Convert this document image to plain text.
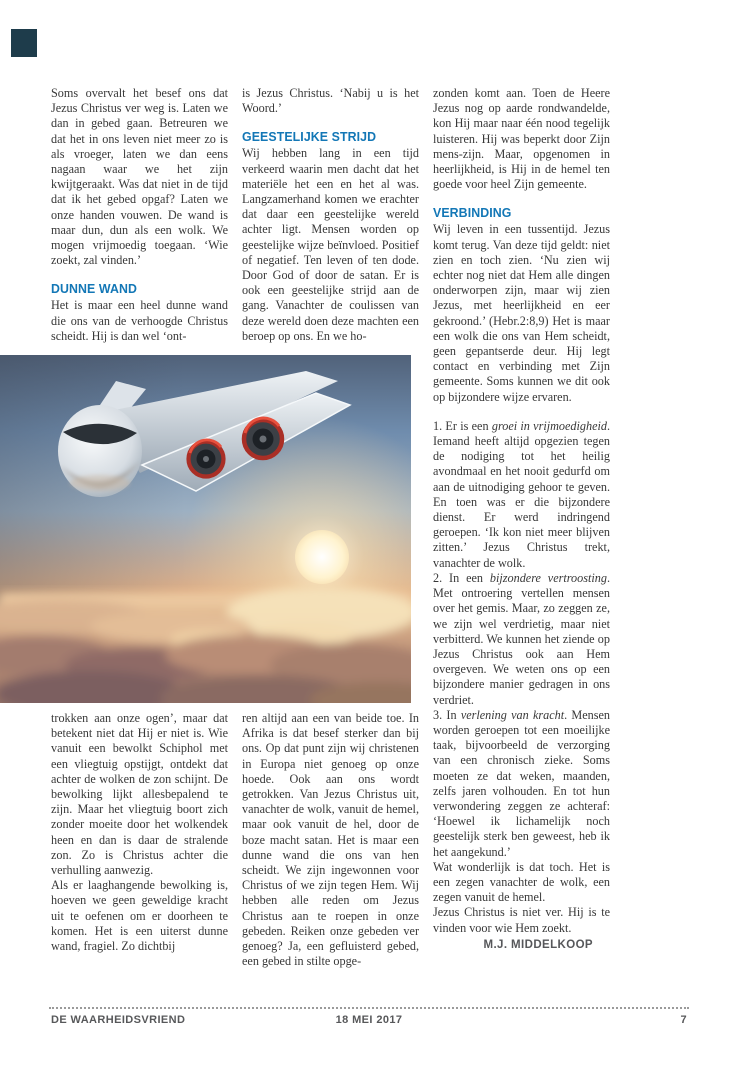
Soms overvalt het besef ons dat Jezus Christus ver weg is. Laten we dan in gebed gaan. Betreuren we dat het in ons leven niet meer zo is als vroeger, laten we dan eens nagaan waar we het zijn kwijtgeraakt. Was dat niet in de tijd dat ik het gebed opgaf? Laten we onze handen vouwen. De wand is maar dun, dun als een wolk. We mogen vrijmoedig toegaan. ‘Wie zoekt, zal vinden.’

DUNNE WAND

Het is maar een heel dunne wand die ons van de verhoogde Christus scheidt. Hij is dan wel ‘ont-

is Jezus Christus. ‘Nabij u is het Woord.’

GEESTELIJKE STRIJD

Wij hebben lang in een tijd verkeerd waarin men dacht dat het materiële het een en het al was. Langzamerhand komen we erachter dat daar een geestelijke wereld achter ligt. Mensen worden op geestelijke wijze beïnvloed. Positief of negatief. Ten leven of ten dode. Door God of door de satan. Er is ook een geestelijke strijd aan de gang. Vanachter de coulissen van deze wereld doen deze machten een beroep op ons. En we ho-

zonden komt aan. Toen de Heere Jezus nog op aarde rondwandelde, kon Hij maar naar één nood tegelijk luisteren. Hij was beperkt door Zijn mens-zijn. Maar, opgenomen in heerlijkheid, is Hij in de hemel ten goede voor heel Zijn gemeente.

VERBINDING

Wij leven in een tussentijd. Jezus komt terug. Van deze tijd geldt: niet zien en toch zien. ‘Nu zien wij echter nog niet dat Hem alle dingen onderworpen zijn, maar wij zien Jezus, met heerlijkheid en eer gekroond.’ (Hebr.2:8,9) Het is maar een wolk die ons van Hem scheidt, geen gepantserde deur. Hij legt contact en verbinding met Zijn gemeente. Soms kunnen we dit ook op bijzondere wijze ervaren.

1. Er is een groei in vrijmoedigheid. Iemand heeft altijd opgezien tegen de nodiging tot het heilig avondmaal en het nooit gedurfd om aan de uitnodiging gehoor te geven. En toen was er die bijzondere dienst. Er werd indringend geroepen. ‘Ik kon niet meer blijven zitten.’ Jezus Christus trekt, vanachter de wolk.

2. In een bijzondere vertroosting. Met ontroering vertellen mensen over het gemis. Maar, zo zeggen ze, we zijn wel verdrietig, maar niet verbitterd. We kunnen het ziende op Jezus Christus ook aan Hem overgeven. We weten ons op een bijzondere manier gedragen in ons verdriet.

3. In verlening van kracht. Mensen worden geroepen tot een moeilijke taak, bijvoorbeeld de verzorging van een chronisch zieke. Soms moeten ze dat weken, maanden, zelfs jaren volhouden. En tot hun verwondering zeggen ze achteraf: ‘Hoewel ik lichamelijk noch geestelijk sterk ben geweest, heb ik het aangekund.’

Wat wonderlijk is dat toch. Het is een zegen vanachter de wolk, een zegen vanuit de hemel.

Jezus Christus is niet ver. Hij is te vinden voor wie Hem zoekt.

M.J. MIDDELKOOP

trokken aan onze ogen’, maar dat betekent niet dat Hij er niet is. Wie vanuit een bewolkt Schiphol met een vliegtuig opstijgt, ontdekt dat achter de wolken de zon schijnt. De bewolking lijkt allesbepalend te zijn. Maar het vliegtuig boort zich zonder moeite door het wolkendek heen en dan is daar de stralende zon. Zo is Christus achter die verhulling aanwezig.

Als er laaghangende bewolking is, hoeven we geen geweldige kracht uit te oefenen om er doorheen te komen. Het is een uiterst dunne wand, fragiel. Zo dichtbij

ren altijd aan een van beide toe. In Afrika is dat besef sterker dan bij ons. Op dat punt zijn wij christenen in Europa niet genoeg op onze hoede. Ook aan ons wordt getrokken. Van Jezus Christus uit, vanachter de wolk, vanuit de hemel, maar ook vanuit de hel, door de boze macht satan. Het is maar een dunne wand die ons van hen scheidt. We zijn ingewonnen voor Christus of we zijn tegen Hem. Wij hebben alle reden om Jezus Christus aan te roepen in onze gebeden. Reiken onze gebeden ver genoeg? Ja, een gefluisterd gebed, een gebed in stilte opge-

DE WAARHEIDSVRIEND	18 MEI 2017	7
